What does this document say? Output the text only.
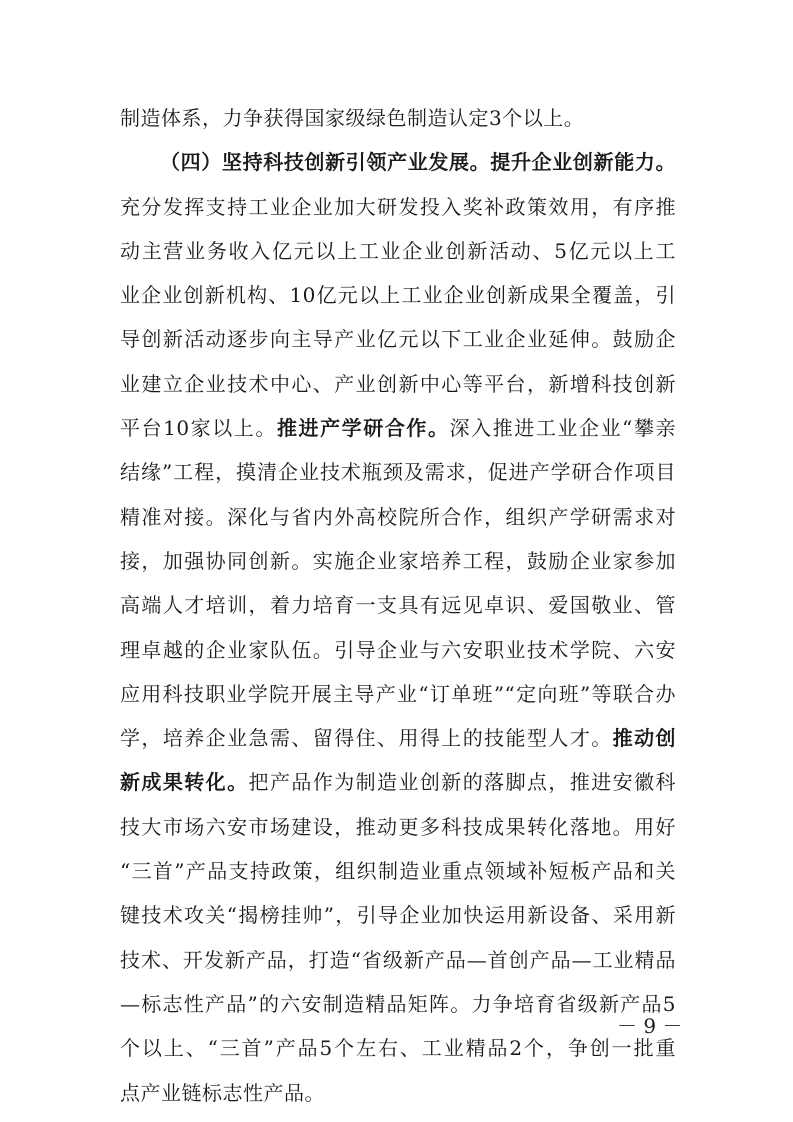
制造体系，力争获得国家级绿色制造认定3个以上。
（四）坚持科技创新引领产业发展。提升企业创新能力。
充分发挥支持工业企业加大研发投入奖补政策效用，有序推
动主营业务收入亿元以上工业企业创新活动、5亿元以上工
业企业创新机构、10亿元以上工业企业创新成果全覆盖，引
导创新活动逐步向主导产业亿元以下工业企业延伸。鼓励企
业建立企业技术中心、产业创新中心等平台，新增科技创新
平台10家以上。推进产学研合作。深入推进工业企业“攀亲
结缘”工程，摸清企业技术瓶颈及需求，促进产学研合作项目
精准对接。深化与省内外高校院所合作，组织产学研需求对
接，加强协同创新。实施企业家培养工程，鼓励企业家参加
高端人才培训，着力培育一支具有远见卓识、爱国敬业、管
理卓越的企业家队伍。引导企业与六安职业技术学院、六安
应用科技职业学院开展主导产业“订单班”“定向班”等联合办
学，培养企业急需、留得住、用得上的技能型人才。推动创
新成果转化。把产品作为制造业创新的落脚点，推进安徽科
技大市场六安市场建设，推动更多科技成果转化落地。用好
“三首”产品支持政策，组织制造业重点领域补短板产品和关
键技术攻关“揭榜挂帅”，引导企业加快运用新设备、采用新
技术、开发新产品，打造“省级新产品—首创产品—工业精品
—标志性产品”的六安制造精品矩阵。力争培育省级新产品5
个以上、“三首”产品5个左右、工业精品2个，争创一批重
点产业链标志性产品。
－ 9 －
